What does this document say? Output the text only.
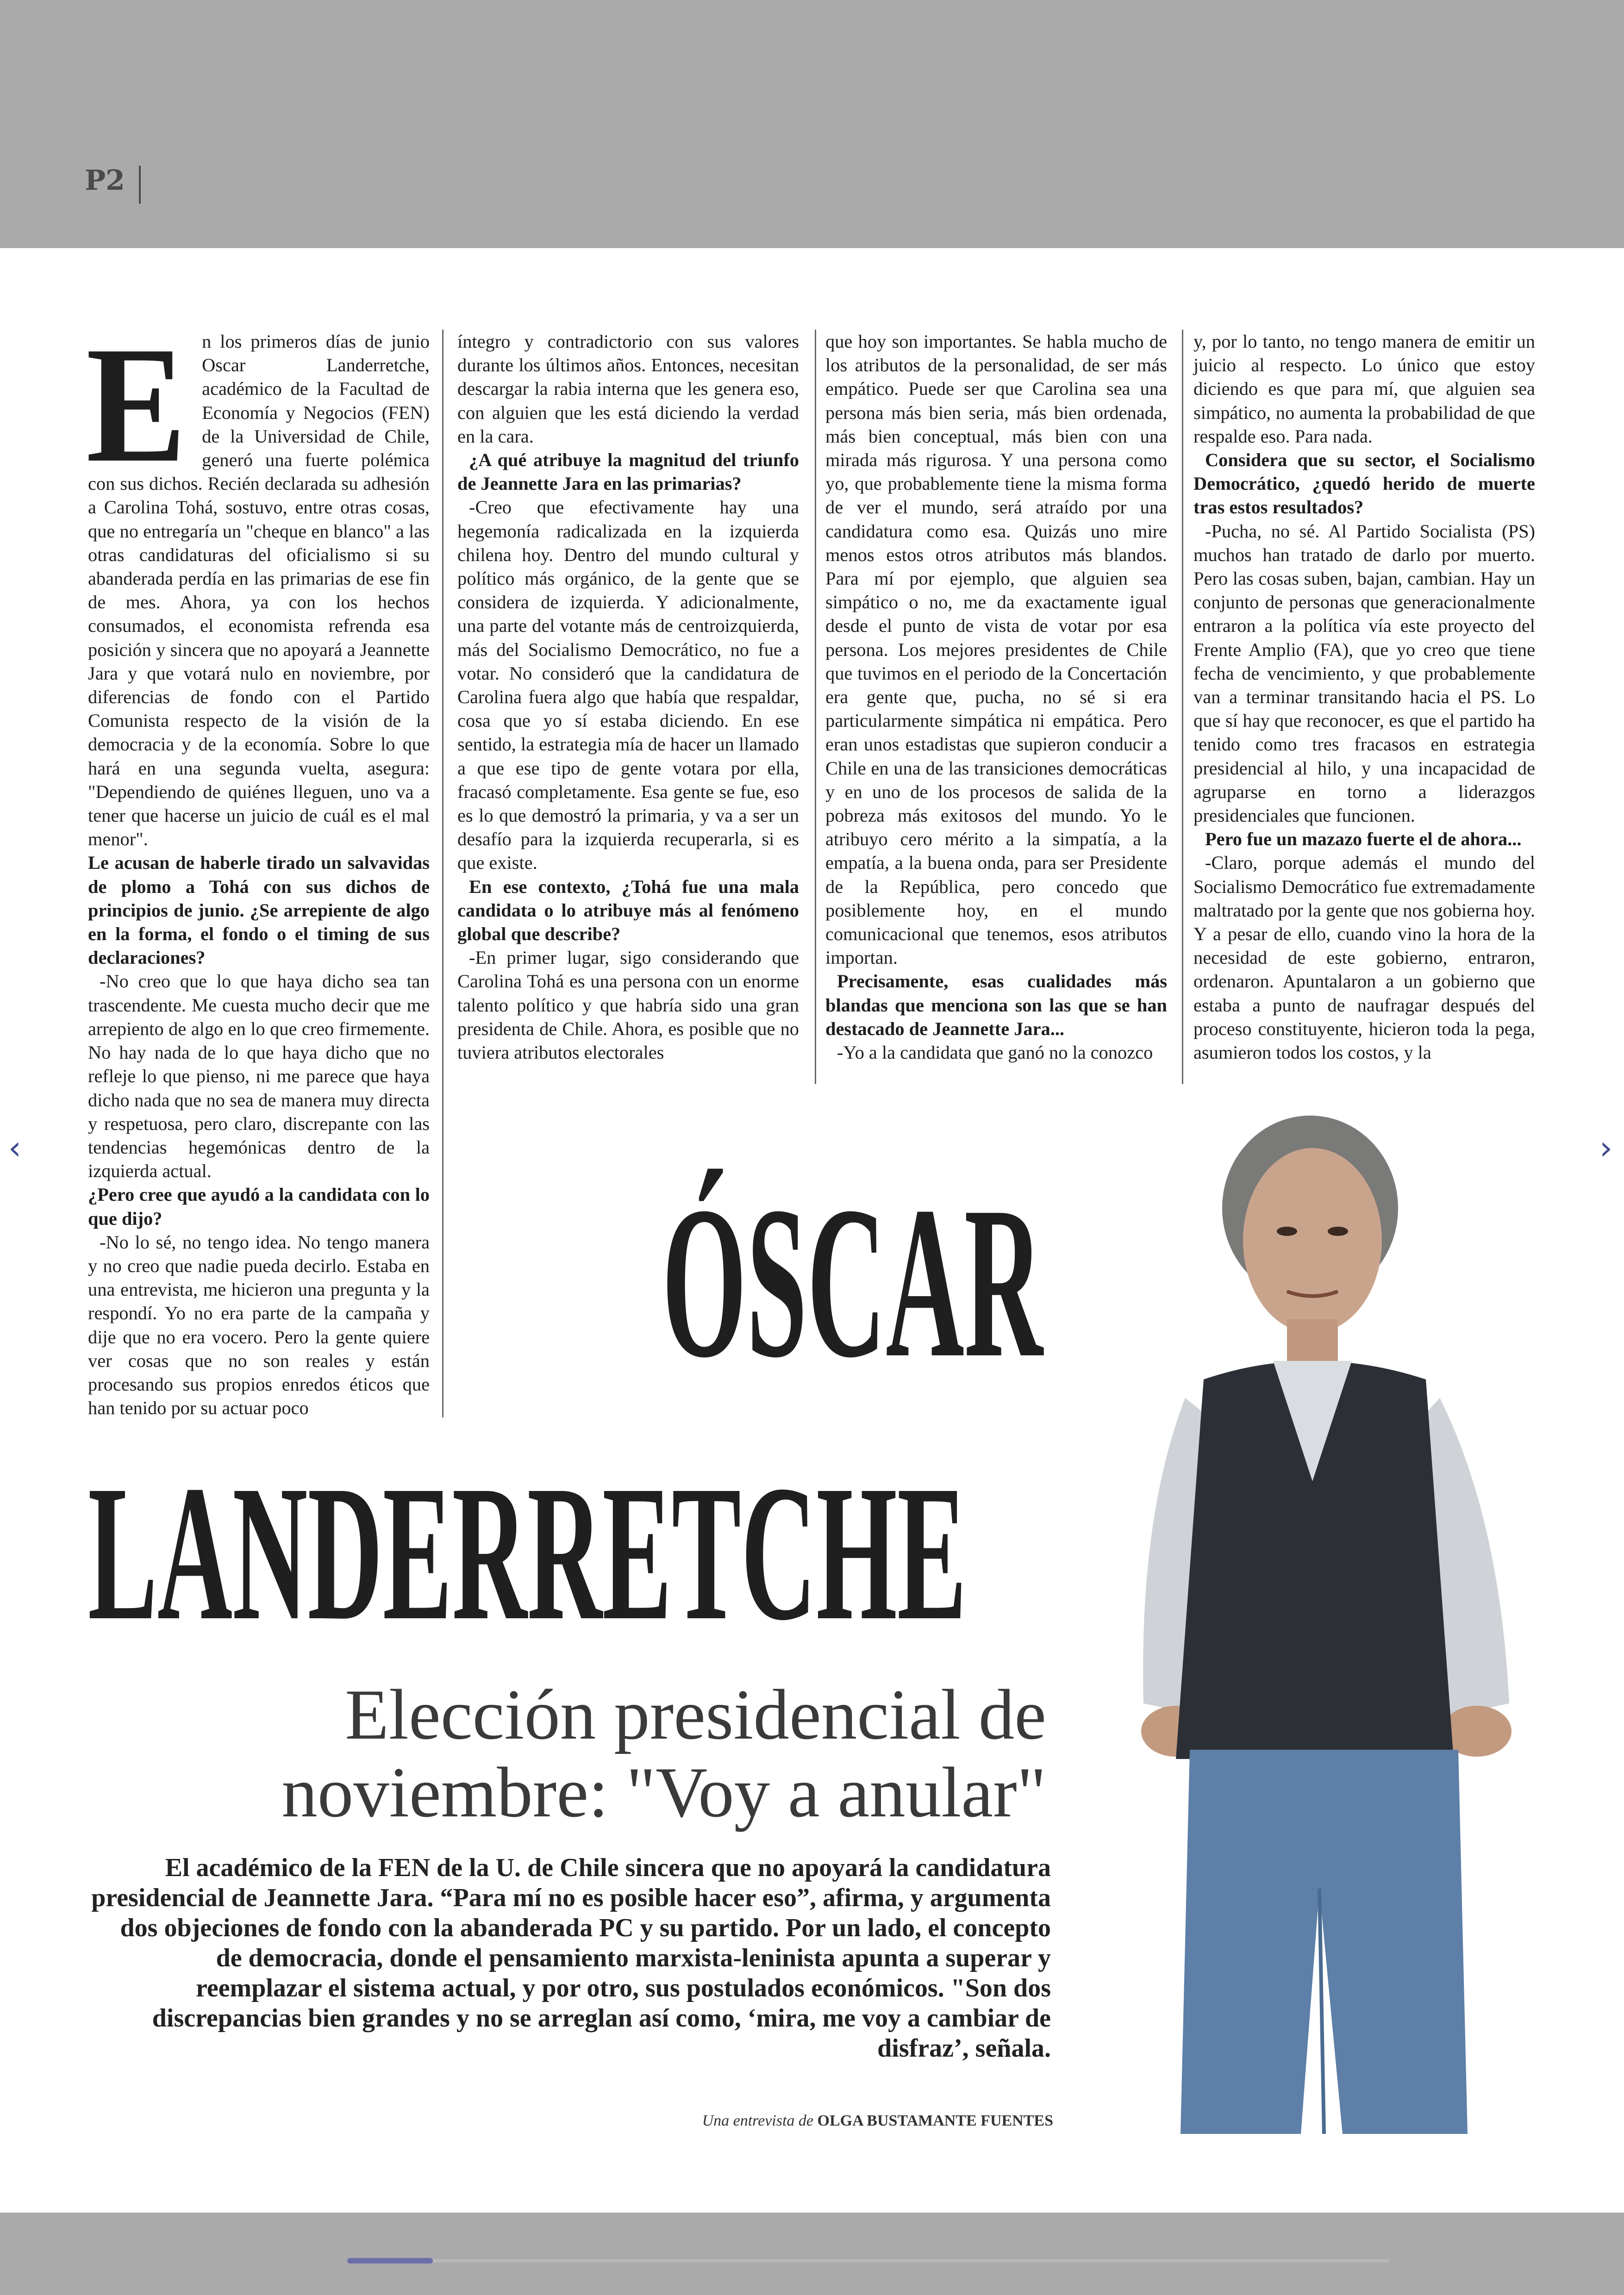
P2
E n los primeros días de junio Oscar Landerretche, académico de la Facultad de Economía y Negocios (FEN) de la Universidad de Chile, generó una fuerte polémica con sus dichos. Recién declarada su adhesión a Carolina Tohá, sostuvo, entre otras cosas, que no entregaría un "cheque en blanco" a las otras candidaturas del oficialismo si su abanderada perdía en las primarias de ese fin de mes. Ahora, ya con los hechos consumados, el economista refrenda esa posición y sincera que no apoyará a Jeannette Jara y que votará nulo en noviembre, por diferencias de fondo con el Partido Comunista respecto de la visión de la democracia y de la economía. Sobre lo que hará en una segunda vuelta, asegura: "Dependiendo de quiénes lleguen, uno va a tener que hacerse un juicio de cuál es el mal menor".

Le acusan de haberle tirado un salvavidas de plomo a Tohá con sus dichos de principios de junio. ¿Se arrepiente de algo en la forma, el fondo o el timing de sus declaraciones?

-No creo que lo que haya dicho sea tan trascendente. Me cuesta mucho decir que me arrepiento de algo en lo que creo firmemente. No hay nada de lo que haya dicho que no refleje lo que pienso, ni me parece que haya dicho nada que no sea de manera muy directa y respetuosa, pero claro, discrepante con las tendencias hegemónicas dentro de la izquierda actual.

¿Pero cree que ayudó a la candidata con lo que dijo?

-No lo sé, no tengo idea. No tengo manera y no creo que nadie pueda decirlo. Estaba en una entrevista, me hicieron una pregunta y la respondí. Yo no era parte de la campaña y dije que no era vocero. Pero la gente quiere ver cosas que no son reales y están procesando sus propios enredos éticos que han tenido por su actuar poco

íntegro y contradictorio con sus valores durante los últimos años. Entonces, necesitan descargar la rabia interna que les genera eso, con alguien que les está diciendo la verdad en la cara.

¿A qué atribuye la magnitud del triunfo de Jeannette Jara en las primarias?

-Creo que efectivamente hay una hegemonía radicalizada en la izquierda chilena hoy. Dentro del mundo cultural y político más orgánico, de la gente que se considera de izquierda. Y adicionalmente, una parte del votante más de centroizquierda, más del Socialismo Democrático, no fue a votar. No consideró que la candidatura de Carolina fuera algo que había que respaldar, cosa que yo sí estaba diciendo. En ese sentido, la estrategia mía de hacer un llamado a que ese tipo de gente votara por ella, fracasó completamente. Esa gente se fue, eso es lo que demostró la primaria, y va a ser un desafío para la izquierda recuperarla, si es que existe.

En ese contexto, ¿Tohá fue una mala candidata o lo atribuye más al fenómeno global que describe?

-En primer lugar, sigo considerando que Carolina Tohá es una persona con un enorme talento político y que habría sido una gran presidenta de Chile. Ahora, es posible que no tuviera atributos electorales

que hoy son importantes. Se habla mucho de los atributos de la personalidad, de ser más empático. Puede ser que Carolina sea una persona más bien seria, más bien ordenada, más bien conceptual, más bien con una mirada más rigurosa. Y una persona como yo, que probablemente tiene la misma forma de ver el mundo, será atraído por una candidatura como esa. Quizás uno mire menos estos otros atributos más blandos. Para mí por ejemplo, que alguien sea simpático o no, me da exactamente igual desde el punto de vista de votar por esa persona. Los mejores presidentes de Chile que tuvimos en el periodo de la Concertación era gente que, pucha, no sé si era particularmente simpática ni empática. Pero eran unos estadistas que supieron conducir a Chile en una de las transiciones democráticas y en uno de los procesos de salida de la pobreza más exitosos del mundo. Yo le atribuyo cero mérito a la simpatía, a la empatía, a la buena onda, para ser Presidente de la República, pero concedo que posiblemente hoy, en el mundo comunicacional que tenemos, esos atributos importan.

Precisamente, esas cualidades más blandas que menciona son las que se han destacado de Jeannette Jara...

-Yo a la candidata que ganó no la conozco

y, por lo tanto, no tengo manera de emitir un juicio al respecto. Lo único que estoy diciendo es que para mí, que alguien sea simpático, no aumenta la probabilidad de que respalde eso. Para nada.

Considera que su sector, el Socialismo Democrático, ¿quedó herido de muerte tras estos resultados?

-Pucha, no sé. Al Partido Socialista (PS) muchos han tratado de darlo por muerto. Pero las cosas suben, bajan, cambian. Hay un conjunto de personas que generacionalmente entraron a la política vía este proyecto del Frente Amplio (FA), que yo creo que tiene fecha de vencimiento, y que probablemente van a terminar transitando hacia el PS. Lo que sí hay que reconocer, es que el partido ha tenido como tres fracasos en estrategia presidencial al hilo, y una incapacidad de agruparse en torno a liderazgos presidenciales que funcionen.

Pero fue un mazazo fuerte el de ahora...

-Claro, porque además el mundo del Socialismo Democrático fue extremadamente maltratado por la gente que nos gobierna hoy. Y a pesar de ello, cuando vino la hora de la necesidad de este gobierno, entraron, ordenaron. Apuntalaron a un gobierno que estaba a punto de naufragar después del proceso constituyente, hicieron toda la pega, asumieron todos los costos, y la

ÓSCAR
LANDERRETCHE
Elección presidencial de
noviembre: "Voy a anular"
El académico de la FEN de la U. de Chile sincera que no apoyará la candidatura presidencial de Jeannette Jara. “Para mí no es posible hacer eso”, afirma, y argumenta dos objeciones de fondo con la abanderada PC y su partido. Por un lado, el concepto de democracia, donde el pensamiento marxista-leninista apunta a superar y reemplazar el sistema actual, y por otro, sus postulados económicos. "Son dos discrepancias bien grandes y no se arreglan así como, ‘mira, me voy a cambiar de disfraz’, señala.
Una entrevista de OLGA BUSTAMANTE FUENTES
‹	›
